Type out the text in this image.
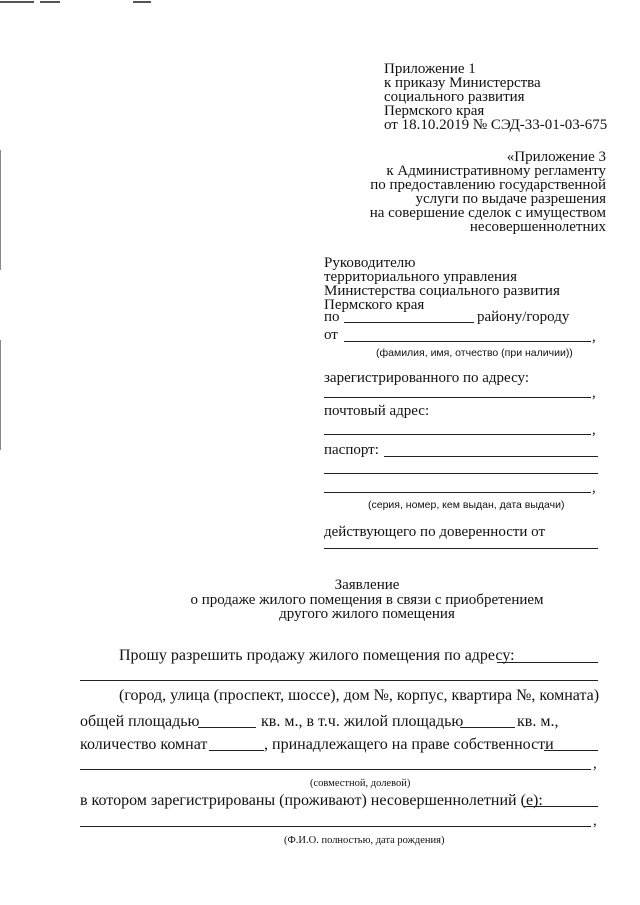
Приложение 1
к приказу Министерства
социального развития
Пермского края
от 18.10.2019 № СЭД-33-01-03-675
«Приложение 3
к Административному регламенту
по предоставлению государственной
услуги по выдаче разрешения
на совершение сделок с имуществом
несовершеннолетних
Руководителю
территориального управления
Министерства социального развития
Пермского края
по	району/городу
от	,
(фамилия, имя, отчество (при наличии))
зарегистрированного по адресу:
,
почтовый адрес:
,
паспорт:
,
(серия, номер, кем выдан, дата выдачи)
действующего по доверенности от
Заявление
о продаже жилого помещения в связи с приобретением
другого жилого помещения
Прошу разрешить продажу жилого помещения по адресу:
(город, улица (проспект, шоссе), дом №, корпус, квартира №, комната)
общей площадью	кв. м., в т.ч. жилой площадью	кв. м.,
количество комнат	, принадлежащего на праве собственности
,
(совместной, долевой)
в котором зарегистрированы (проживают) несовершеннолетний (е):
,
(Ф.И.О. полностью, дата рождения)
